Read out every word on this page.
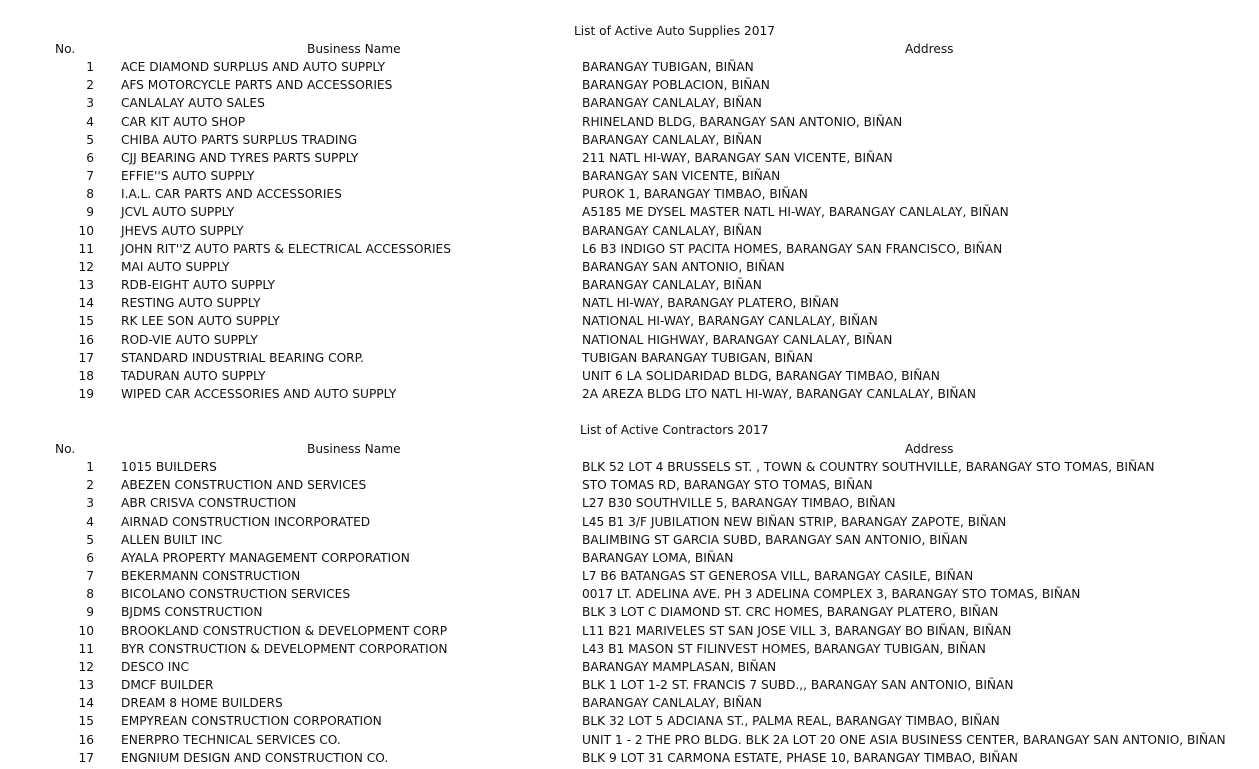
List of Active Auto Supplies 2017
No.	Business Name	Address
1 ACE DIAMOND SURPLUS AND AUTO SUPPLY	BARANGAY TUBIGAN, BIÑAN
2 AFS MOTORCYCLE PARTS AND ACCESSORIES	BARANGAY POBLACION, BIÑAN
3 CANLALAY AUTO SALES	BARANGAY CANLALAY, BIÑAN
4 CAR KIT AUTO SHOP	RHINELAND BLDG, BARANGAY SAN ANTONIO, BIÑAN
5 CHIBA AUTO PARTS SURPLUS TRADING	BARANGAY CANLALAY, BIÑAN
6 CJJ BEARING AND TYRES PARTS SUPPLY	211 NATL HI-WAY, BARANGAY SAN VICENTE, BIÑAN
7 EFFIE''S AUTO SUPPLY	BARANGAY SAN VICENTE, BIÑAN
8 I.A.L. CAR PARTS AND ACCESSORIES	PUROK 1, BARANGAY TIMBAO, BIÑAN
9 JCVL AUTO SUPPLY	A5185 ME DYSEL MASTER NATL HI-WAY, BARANGAY CANLALAY, BIÑAN
10 JHEVS AUTO SUPPLY	BARANGAY CANLALAY, BIÑAN
11 JOHN RIT''Z AUTO PARTS & ELECTRICAL ACCESSORIES	L6 B3 INDIGO ST PACITA HOMES, BARANGAY SAN FRANCISCO, BIÑAN
12 MAI AUTO SUPPLY	BARANGAY SAN ANTONIO, BIÑAN
13 RDB-EIGHT AUTO SUPPLY	BARANGAY CANLALAY, BIÑAN
14 RESTING AUTO SUPPLY	NATL HI-WAY, BARANGAY PLATERO, BIÑAN
15 RK LEE SON AUTO SUPPLY	NATIONAL HI-WAY, BARANGAY CANLALAY, BIÑAN
16 ROD-VIE AUTO SUPPLY	NATIONAL HIGHWAY, BARANGAY CANLALAY, BIÑAN
17 STANDARD INDUSTRIAL BEARING CORP.	TUBIGAN BARANGAY TUBIGAN, BIÑAN
18 TADURAN AUTO SUPPLY	UNIT 6 LA SOLIDARIDAD BLDG, BARANGAY TIMBAO, BIÑAN
19 WIPED CAR ACCESSORIES AND AUTO SUPPLY	2A AREZA BLDG LTO NATL HI-WAY, BARANGAY CANLALAY, BIÑAN
List of Active Contractors 2017
No.	Business Name	Address
1 1015 BUILDERS	BLK 52 LOT 4 BRUSSELS ST. , TOWN & COUNTRY SOUTHVILLE, BARANGAY STO TOMAS, BIÑAN
2 ABEZEN CONSTRUCTION AND SERVICES	STO TOMAS RD, BARANGAY STO TOMAS, BIÑAN
3 ABR CRISVA CONSTRUCTION	L27 B30 SOUTHVILLE 5, BARANGAY TIMBAO, BIÑAN
4 AIRNAD CONSTRUCTION INCORPORATED	L45 B1 3/F JUBILATION NEW BIÑAN STRIP, BARANGAY ZAPOTE, BIÑAN
5 ALLEN BUILT INC	BALIMBING ST GARCIA SUBD, BARANGAY SAN ANTONIO, BIÑAN
6 AYALA PROPERTY MANAGEMENT CORPORATION	BARANGAY LOMA, BIÑAN
7 BEKERMANN CONSTRUCTION	L7 B6 BATANGAS ST GENEROSA VILL, BARANGAY CASILE, BIÑAN
8 BICOLANO CONSTRUCTION SERVICES	0017 LT. ADELINA AVE. PH 3 ADELINA COMPLEX 3, BARANGAY STO TOMAS, BIÑAN
9 BJDMS CONSTRUCTION	BLK 3 LOT C DIAMOND ST. CRC HOMES, BARANGAY PLATERO, BIÑAN
10 BROOKLAND CONSTRUCTION & DEVELOPMENT CORP	L11 B21 MARIVELES ST SAN JOSE VILL 3, BARANGAY BO BIÑAN, BIÑAN
11 BYR CONSTRUCTION & DEVELOPMENT CORPORATION	L43 B1 MASON ST FILINVEST HOMES, BARANGAY TUBIGAN, BIÑAN
12 DESCO INC	BARANGAY MAMPLASAN, BIÑAN
13 DMCF BUILDER	BLK 1 LOT 1-2 ST. FRANCIS 7 SUBD.,, BARANGAY SAN ANTONIO, BIÑAN
14 DREAM 8 HOME BUILDERS	BARANGAY CANLALAY, BIÑAN
15 EMPYREAN CONSTRUCTION CORPORATION	BLK 32 LOT 5 ADCIANA ST., PALMA REAL, BARANGAY TIMBAO, BIÑAN
16 ENERPRO TECHNICAL SERVICES CO.	UNIT 1 - 2 THE PRO BLDG. BLK 2A LOT 20 ONE ASIA BUSINESS CENTER, BARANGAY SAN ANTONIO, BIÑAN
17 ENGNIUM DESIGN AND CONSTRUCTION CO.	BLK 9 LOT 31 CARMONA ESTATE, PHASE 10, BARANGAY TIMBAO, BIÑAN
